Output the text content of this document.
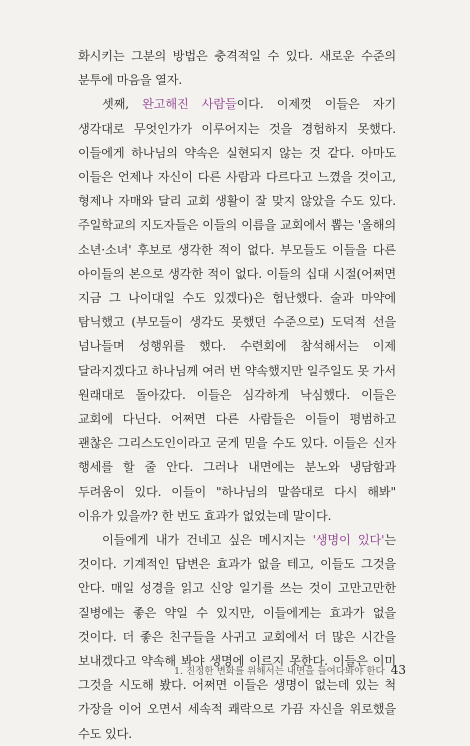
화시키는 그분의 방법은 충격적일 수 있다. 새로운 수준의 분투에 마음을 열자.

셋째, 완고해진 사람들이다. 이제껏 이들은 자기 생각대로 무엇인가가 이루어지는 것을 경험하지 못했다. 이들에게 하나님의 약속은 실현되지 않는 것 같다. 아마도 이들은 언제나 자신이 다른 사람과 다르다고 느꼈을 것이고, 형제나 자매와 달리 교회 생활이 잘 맞지 않았을 수도 있다. 주일학교의 지도자들은 이들의 이름을 교회에서 뽑는 '올해의 소년·소녀' 후보로 생각한 적이 없다. 부모들도 이들을 다른 아이들의 본으로 생각한 적이 없다. 이들의 십대 시절(어쩌면 지금 그 나이대일 수도 있겠다)은 험난했다. 술과 마약에 탐닉했고 (부모들이 생각도 못했던 수준으로) 도덕적 선을 넘나들며 성행위를 했다. 수련회에 참석해서는 이제 달라지겠다고 하나님께 여러 번 약속했지만 일주일도 못 가서 원래대로 돌아갔다. 이들은 심각하게 낙심했다. 이들은 교회에 다닌다. 어쩌면 다른 사람들은 이들이 평범하고 괜찮은 그리스도인이라고 굳게 믿을 수도 있다. 이들은 신자 행세를 할 줄 안다. 그러나 내면에는 분노와 냉담함과 두려움이 있다. 이들이 "하나님의 말씀대로 다시 해봐" 이유가 있을까? 한 번도 효과가 없었는데 말이다.

이들에게 내가 건네고 싶은 메시지는 '생명이 있다'는 것이다. 기계적인 답변은 효과가 없을 테고, 이들도 그것을 안다. 매일 성경을 읽고 신앙 일기를 쓰는 것이 고만고만한 질병에는 좋은 약일 수 있지만, 이들에게는 효과가 없을 것이다. 더 좋은 친구들을 사귀고 교회에서 더 많은 시간을 보내겠다고 약속해 봐야 생명에 이르지 못한다. 이들은 이미 그것을 시도해 봤다. 어쩌면 이들은 생명이 없는데 있는 척 가장을 이어 오면서 세속적 쾌락으로 가끔 자신을 위로했을 수도 있다.

1. 진정한 변화를 위해서는 내면을 들여다봐야 한다 43
